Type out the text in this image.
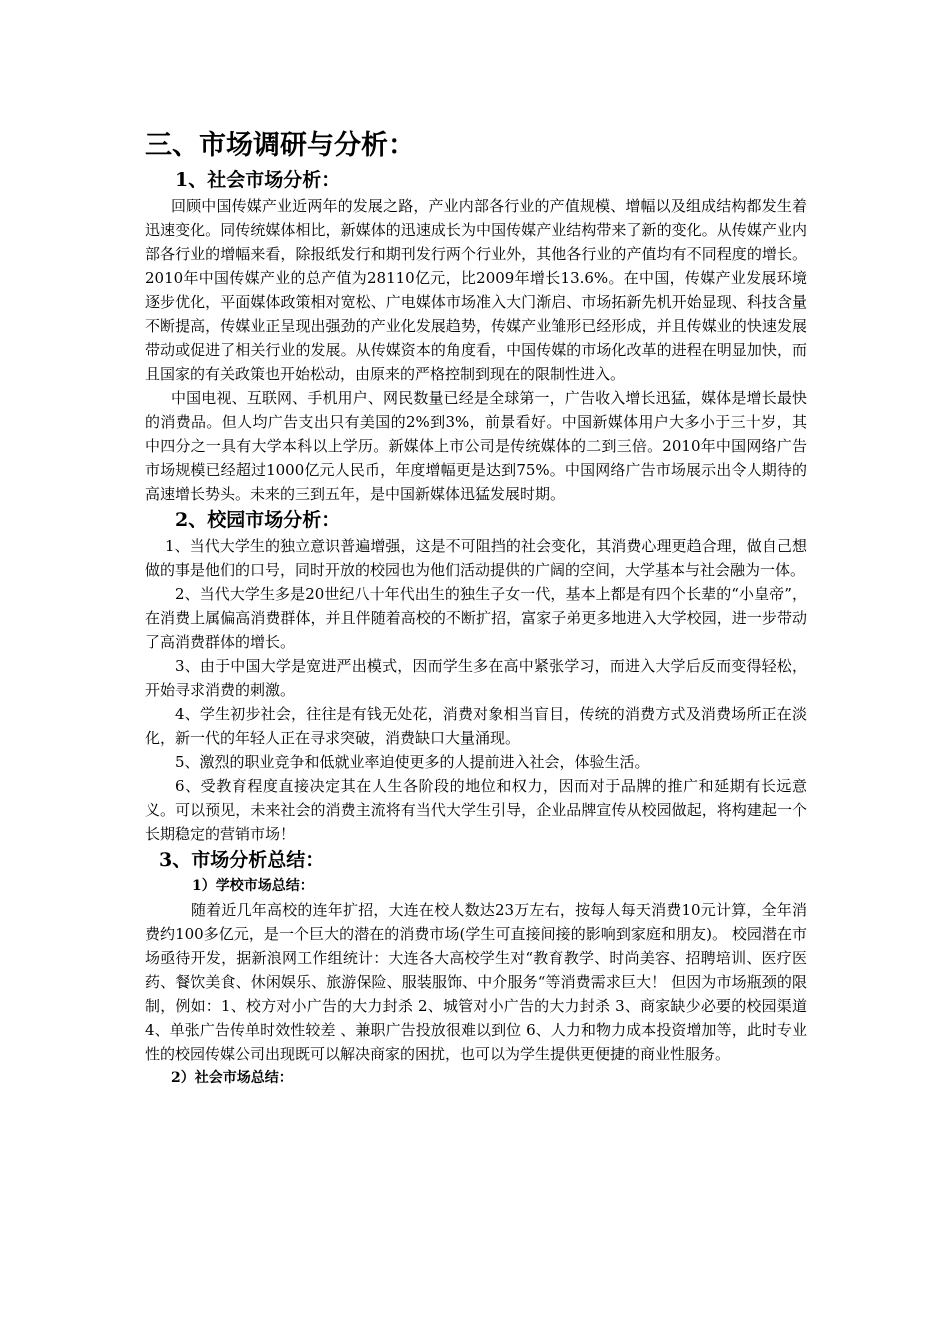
三、市场调研与分析：
1、社会市场分析：

回顾中国传媒产业近两年的发展之路，产业内部各行业的产值规模、增幅以及组成结构都发生着迅速变化。同传统媒体相比，新媒体的迅速成长为中国传媒产业结构带来了新的变化。从传媒产业内部各行业的增幅来看，除报纸发行和期刊发行两个行业外，其他各行业的产值均有不同程度的增长。2010年中国传媒产业的总产值为28110亿元，比2009年增长13.6%。在中国，传媒产业发展环境逐步优化，平面媒体政策相对宽松、广电媒体市场准入大门渐启、市场拓新先机开始显现、科技含量不断提高，传媒业正呈现出强劲的产业化发展趋势，传媒产业雏形已经形成，并且传媒业的快速发展带动或促进了相关行业的发展。从传媒资本的角度看，中国传媒的市场化改革的进程在明显加快，而且国家的有关政策也开始松动，由原来的严格控制到现在的限制性进入。

中国电视、互联网、手机用户、网民数量已经是全球第一，广告收入增长迅猛，媒体是增长最快的消费品。但人均广告支出只有美国的2%到3%，前景看好。中国新媒体用户大多小于三十岁，其中四分之一具有大学本科以上学历。新媒体上市公司是传统媒体的二到三倍。2010年中国网络广告市场规模已经超过1000亿元人民币，年度增幅更是达到75%。中国网络广告市场展示出令人期待的高速增长势头。未来的三到五年，是中国新媒体迅猛发展时期。

2、校园市场分析：

1、当代大学生的独立意识普遍增强，这是不可阻挡的社会变化，其消费心理更趋合理，做自己想做的事是他们的口号，同时开放的校园也为他们活动提供的广阔的空间，大学基本与社会融为一体。

2、当代大学生多是20世纪八十年代出生的独生子女一代，基本上都是有四个长辈的“小皇帝”，在消费上属偏高消费群体，并且伴随着高校的不断扩招，富家子弟更多地进入大学校园，进一步带动了高消费群体的增长。

3、由于中国大学是宽进严出模式，因而学生多在高中紧张学习，而进入大学后反而变得轻松，开始寻求消费的刺激。

4、学生初步社会，往往是有钱无处花，消费对象相当盲目，传统的消费方式及消费场所正在淡化，新一代的年轻人正在寻求突破，消费缺口大量涌现。

5、激烈的职业竞争和低就业率迫使更多的人提前进入社会，体验生活。

6、受教育程度直接决定其在人生各阶段的地位和权力，因而对于品牌的推广和延期有长远意义。可以预见，未来社会的消费主流将有当代大学生引导，企业品牌宣传从校园做起，将构建起一个长期稳定的营销市场！

3、市场分析总结：
1）学校市场总结：

随着近几年高校的连年扩招，大连在校人数达23万左右，按每人每天消费10元计算，全年消费约100多亿元，是一个巨大的潜在的消费市场(学生可直接间接的影响到家庭和朋友)。 校园潜在市场亟待开发，据新浪网工作组统计：大连各大高校学生对“教育教学、时尚美容、招聘培训、医疗医药、餐饮美食、休闲娱乐、旅游保险、服装服饰、中介服务“等消费需求巨大！ 但因为市场瓶颈的限制，例如：1、校方对小广告的大力封杀 2、城管对小广告的大力封杀 3、商家缺少必要的校园渠道 4、单张广告传单时效性较差 、兼职广告投放很难以到位 6、人力和物力成本投资增加等，此时专业性的校园传媒公司出现既可以解决商家的困扰，也可以为学生提供更便捷的商业性服务。

2）社会市场总结：
